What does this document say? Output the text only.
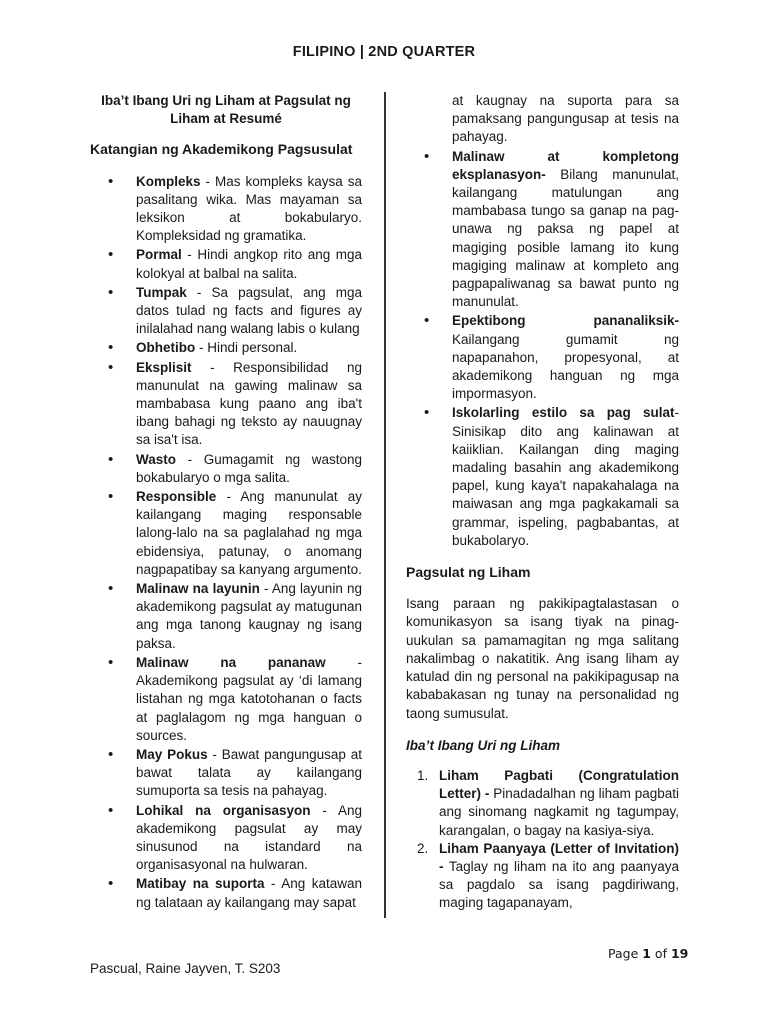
FILIPINO | 2ND QUARTER

Iba’t Ibang Uri ng Liham at Pagsulat ng Liham at Resumé

Katangian ng Akademikong Pagsusulat

• Kompleks - Mas kompleks kaysa sa pasalitang wika. Mas mayaman sa leksikon at bokabularyo. Kompleksidad ng gramatika.
• Pormal - Hindi angkop rito ang mga kolokyal at balbal na salita.
• Tumpak - Sa pagsulat, ang mga datos tulad ng facts and figures ay inilalahad nang walang labis o kulang
• Obhetibo - Hindi personal.
• Eksplisit - Responsibilidad ng manunulat na gawing malinaw sa mambabasa kung paano ang iba't ibang bahagi ng teksto ay nauugnay sa isa't isa.
• Wasto - Gumagamit ng wastong bokabularyo o mga salita.
• Responsible - Ang manunulat ay kailangang maging responsable lalong-lalo na sa paglalahad ng mga ebidensiya, patunay, o anomang nagpapatibay sa kanyang argumento.
• Malinaw na layunin - Ang layunin ng akademikong pagsulat ay matugunan ang mga tanong kaugnay ng isang paksa.
• Malinaw na pananaw - Akademikong pagsulat ay ‘di lamang listahan ng mga katotohanan o facts at paglalagom ng mga hanguan o sources.
• May Pokus - Bawat pangungusap at bawat talata ay kailangang sumuporta sa tesis na pahayag.
• Lohikal na organisasyon - Ang akademikong pagsulat ay may sinusunod na istandard na organisasyonal na hulwaran.
• Matibay na suporta - Ang katawan ng talataan ay kailangang may sapat
at kaugnay na suporta para sa pamaksang pangungusap at tesis na pahayag.
• Malinaw at kompletong eksplanasyon- Bilang manunulat, kailangang matulungan ang mambabasa tungo sa ganap na pag-unawa ng paksa ng papel at magiging posible lamang ito kung magiging malinaw at kompleto ang pagpapaliwanag sa bawat punto ng manunulat.
• Epektibong pananaliksik- Kailangang gumamit ng napapanahon, propesyonal, at akademikong hanguan ng mga impormasyon.
• Iskolarling estilo sa pag sulat- Sinisikap dito ang kalinawan at kaiiklian. Kailangan ding maging madaling basahin ang akademikong papel, kung kaya't napakahalaga na maiwasan ang mga pagkakamali sa grammar, ispeling, pagbabantas, at bukabolaryo.

Pagsulat ng Liham

Isang paraan ng pakikipagtalastasan o komunikasyon sa isang tiyak na pinag-uukulan sa pamamagitan ng mga salitang nakalimbag o nakatitik. Ang isang liham ay katulad din ng personal na pakikipagusap na kababakasan ng tunay na personalidad ng taong sumusulat.

Iba’t Ibang Uri ng Liham

1. Liham Pagbati (Congratulation Letter) - Pinadadalhan ng liham pagbati ang sinomang nagkamit ng tagumpay, karangalan, o bagay na kasiya-siya.
2. Liham Paanyaya (Letter of Invitation) - Taglay ng liham na ito ang paanyaya sa pagdalo sa isang pagdiriwang, maging tagapanayam,
Page 1 of 19
Pascual, Raine Jayven, T. S203
